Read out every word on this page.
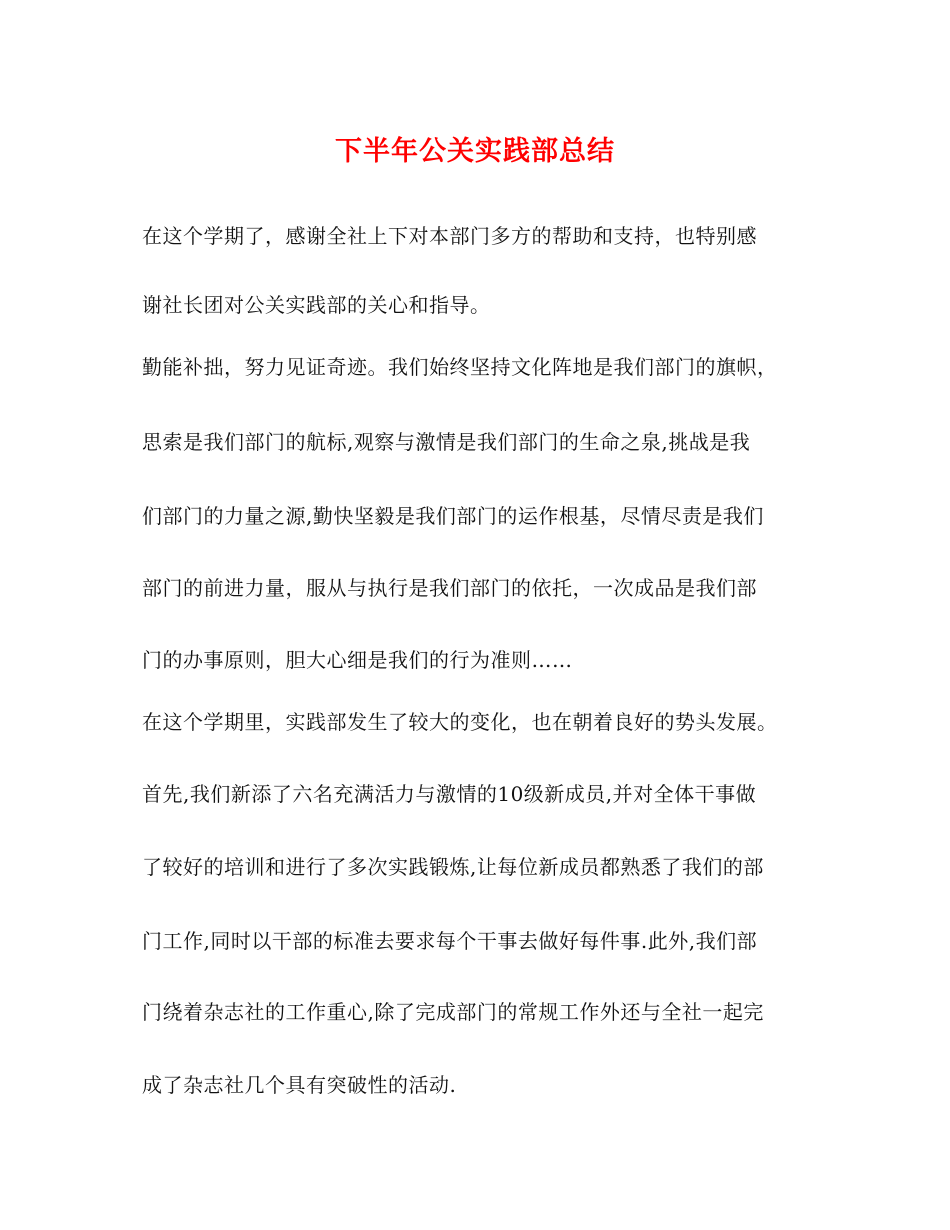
下半年公关实践部总结
在这个学期了，感谢全社上下对本部门多方的帮助和支持，也特别感
谢社长团对公关实践部的关心和指导。
勤能补拙，努力见证奇迹。我们始终坚持文化阵地是我们部门的旗帜，
思索是我们部门的航标,观察与激情是我们部门的生命之泉,挑战是我
们部门的力量之源,勤快坚毅是我们部门的运作根基，尽情尽责是我们
部门的前进力量，服从与执行是我们部门的依托，一次成品是我们部
门的办事原则，胆大心细是我们的行为准则……
在这个学期里，实践部发生了较大的变化，也在朝着良好的势头发展。
首先,我们新添了六名充满活力与激情的10级新成员,并对全体干事做
了较好的培训和进行了多次实践锻炼,让每位新成员都熟悉了我们的部
门工作,同时以干部的标准去要求每个干事去做好每件事.此外,我们部
门绕着杂志社的工作重心,除了完成部门的常规工作外还与全社一起完
成了杂志社几个具有突破性的活动.
